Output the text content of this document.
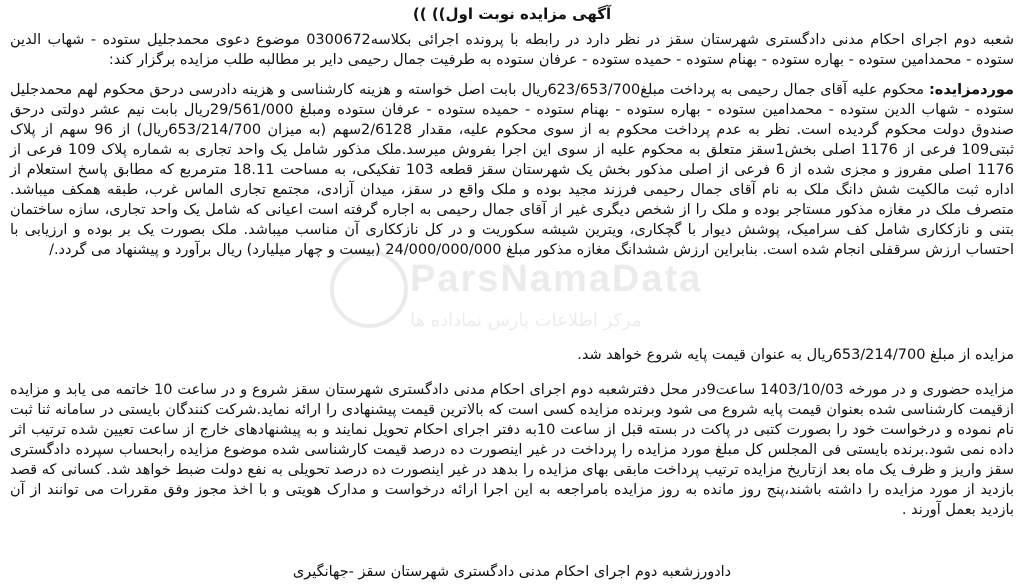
ParsNamaData
مرکز اطلاعات پارس نماداده ها
آگهی مزایده نوبت اول)) ))
شعبه دوم اجرای احکام مدنی دادگستری شهرستان سقز در نظر دارد در رابطه با پرونده اجرائی بکلاسه0300672 موضوع دعوی محمدجلیل ستوده - شهاب الدین ستوده - محمدامین ستوده - بهاره ستوده - بهنام ستوده - حمیده ستوده - عرفان ستوده به طرفیت جمال رحیمی دایر بر مطالبه طلب مزایده برگزار کند:
موردمزایده: محکوم علیه آقای جمال رحیمی به پرداخت مبلغ623/653/700ریال بابت اصل خواسته و هزینه کارشناسی و هزینه دادرسی درحق محکوم لهم محمدجلیل ستوده - شهاب الدین ستوده - محمدامین ستوده - بهاره ستوده - بهنام ستوده - حمیده ستوده - عرفان ستوده ومبلغ 29/561/000ریال بابت نیم عشر دولتی درحق صندوق دولت محکوم گردیده است. نظر به عدم پرداخت محکوم به از سوی محکوم علیه، مقدار 2/6128سهم (به میزان 653/214/700ریال) از 96 سهم از پلاک ثبتی109 فرعی از 1176 اصلی بخش1سقز متعلق به محکوم علیه از سوی این اجرا بفروش میرسد.ملک مذکور شامل یک واحد تجاری به شماره پلاک 109 فرعی از 1176 اصلی مفروز و مجزی شده از 6 فرعی از اصلی مذکور بخش یک شهرستان سقز قطعه 103 تفکیکی، به مساحت 18.11 مترمربع که مطابق پاسخ استعلام از اداره ثبت مالکیت شش دانگ ملک به نام آقای جمال رحیمی فرزند مجید بوده و ملک واقع در سقز، میدان آزادی، مجتمع تجاری الماس غرب، طبقه همکف میباشد. متصرف ملک در مغازه مذکور مستاجر بوده و ملک را از شخص دیگری غیر از آقای جمال رحیمی به اجاره گرفته است اعیانی که شامل یک واحد تجاری، سازه ساختمان بتنی و نازککاری شامل کف سرامیک، پوشش دیوار با گچکاری، ویترین شیشه سکوریت و در کل نازککاری آن مناسب میباشد. ملک بصورت یک بر بوده و ارزیابی با احتساب ارزش سرقفلی انجام شده است. بنابراین ارزش ششدانگ مغازه مذکور مبلغ 24/000/000/000 (بیست و چهار میلیارد) ریال برآورد و پیشنهاد می گردد./
مزایده از مبلغ 653/214/700ریال به عنوان قیمت پایه شروع خواهد شد.
مزایده حضوری و در مورخه 1403/10/03 ساعت9در محل دفترشعبه دوم اجرای احکام مدنی دادگستری شهرستان سقز شروع و در ساعت 10 خاتمه می یابد و مزایده ازقیمت کارشناسی شده بعنوان قیمت پایه شروع می شود وبرنده مزایده کسی است که بالاترین قیمت پیشنهادی را ارائه نماید.شرکت کنندگان بایستی در سامانه ثنا ثبت نام نموده و درخواست خود را بصورت کتبی در پاکت در بسته قبل از ساعت 10به دفتر اجرای احکام تحویل نمایند و به پیشنهادهای خارج از ساعت تعیین شده ترتیب اثر داده نمی شود.برنده بایستی فی المجلس کل مبلغ مورد مزایده را پرداخت در غیر اینصورت ده درصد قیمت کارشناسی شده موضوع مزایده رابحساب سپرده دادگستری سقز واریز و ظرف یک ماه بعد ازتاریخ مزایده ترتیب پرداخت مابقی بهای مزایده را بدهد در غیر اینصورت ده درصد تحویلی به نفع دولت ضبط خواهد شد. کسانی که قصد بازدید از مورد مزایده را داشته باشند،پنج روز مانده به روز مزایده بامراجعه به این اجرا ارائه درخواست و مدارک هویتی و با اخذ مجوز وفق مقررات می توانند از آن بازدید بعمل آورند .
دادورزشعبه دوم اجرای احکام مدنی دادگستری شهرستان سقز -جهانگیری
